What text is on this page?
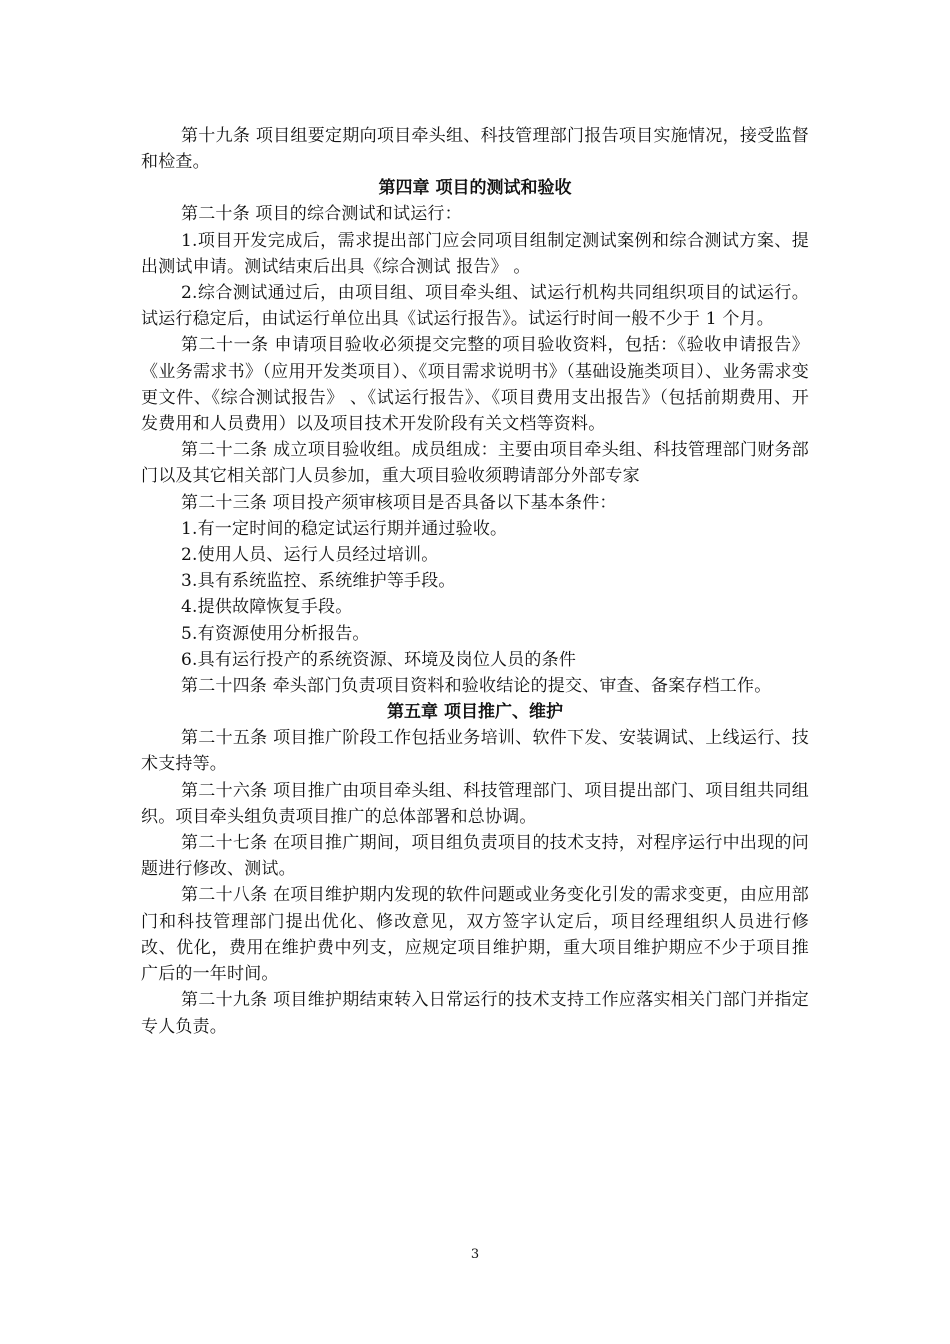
第十九条 项目组要定期向项目牵头组、科技管理部门报告项目实施情况，接受监督和检查。

第四章 项目的测试和验收

第二十条 项目的综合测试和试运行：

1.项目开发完成后，需求提出部门应会同项目组制定测试案例和综合测试方案、提出测试申请。测试结束后出具《综合测试 报告》 。

2.综合测试通过后，由项目组、项目牵头组、试运行机构共同组织项目的试运行。试运行稳定后，由试运行单位出具《试运行报告》。试运行时间一般不少于 1 个月。

第二十一条 申请项目验收必须提交完整的项目验收资料，包括：《验收申请报告》《业务需求书》（应用开发类项目）、《项目需求说明书》（基础设施类项目）、业务需求变更文件、《综合测试报告》 、《试运行报告》、《项目费用支出报告》（包括前期费用、开发费用和人员费用）以及项目技术开发阶段有关文档等资料。

第二十二条 成立项目验收组。成员组成：主要由项目牵头组、科技管理部门财务部门以及其它相关部门人员参加，重大项目验收须聘请部分外部专家

第二十三条 项目投产须审核项目是否具备以下基本条件：

1.有一定时间的稳定试运行期并通过验收。

2.使用人员、运行人员经过培训。

3.具有系统监控、系统维护等手段。

4.提供故障恢复手段。

5.有资源使用分析报告。

6.具有运行投产的系统资源、环境及岗位人员的条件

第二十四条 牵头部门负责项目资料和验收结论的提交、审查、备案存档工作。

第五章 项目推广、维护

第二十五条 项目推广阶段工作包括业务培训、软件下发、安装调试、上线运行、技术支持等。

第二十六条 项目推广由项目牵头组、科技管理部门、项目提出部门、项目组共同组织。项目牵头组负责项目推广的总体部署和总协调。

第二十七条 在项目推广期间，项目组负责项目的技术支持，对程序运行中出现的问题进行修改、测试。

第二十八条 在项目维护期内发现的软件问题或业务变化引发的需求变更，由应用部门和科技管理部门提出优化、修改意见，双方签字认定后，项目经理组织人员进行修改、优化，费用在维护费中列支，应规定项目维护期，重大项目维护期应不少于项目推广后的一年时间。

第二十九条 项目维护期结束转入日常运行的技术支持工作应落实相关门部门并指定专人负责。

3
